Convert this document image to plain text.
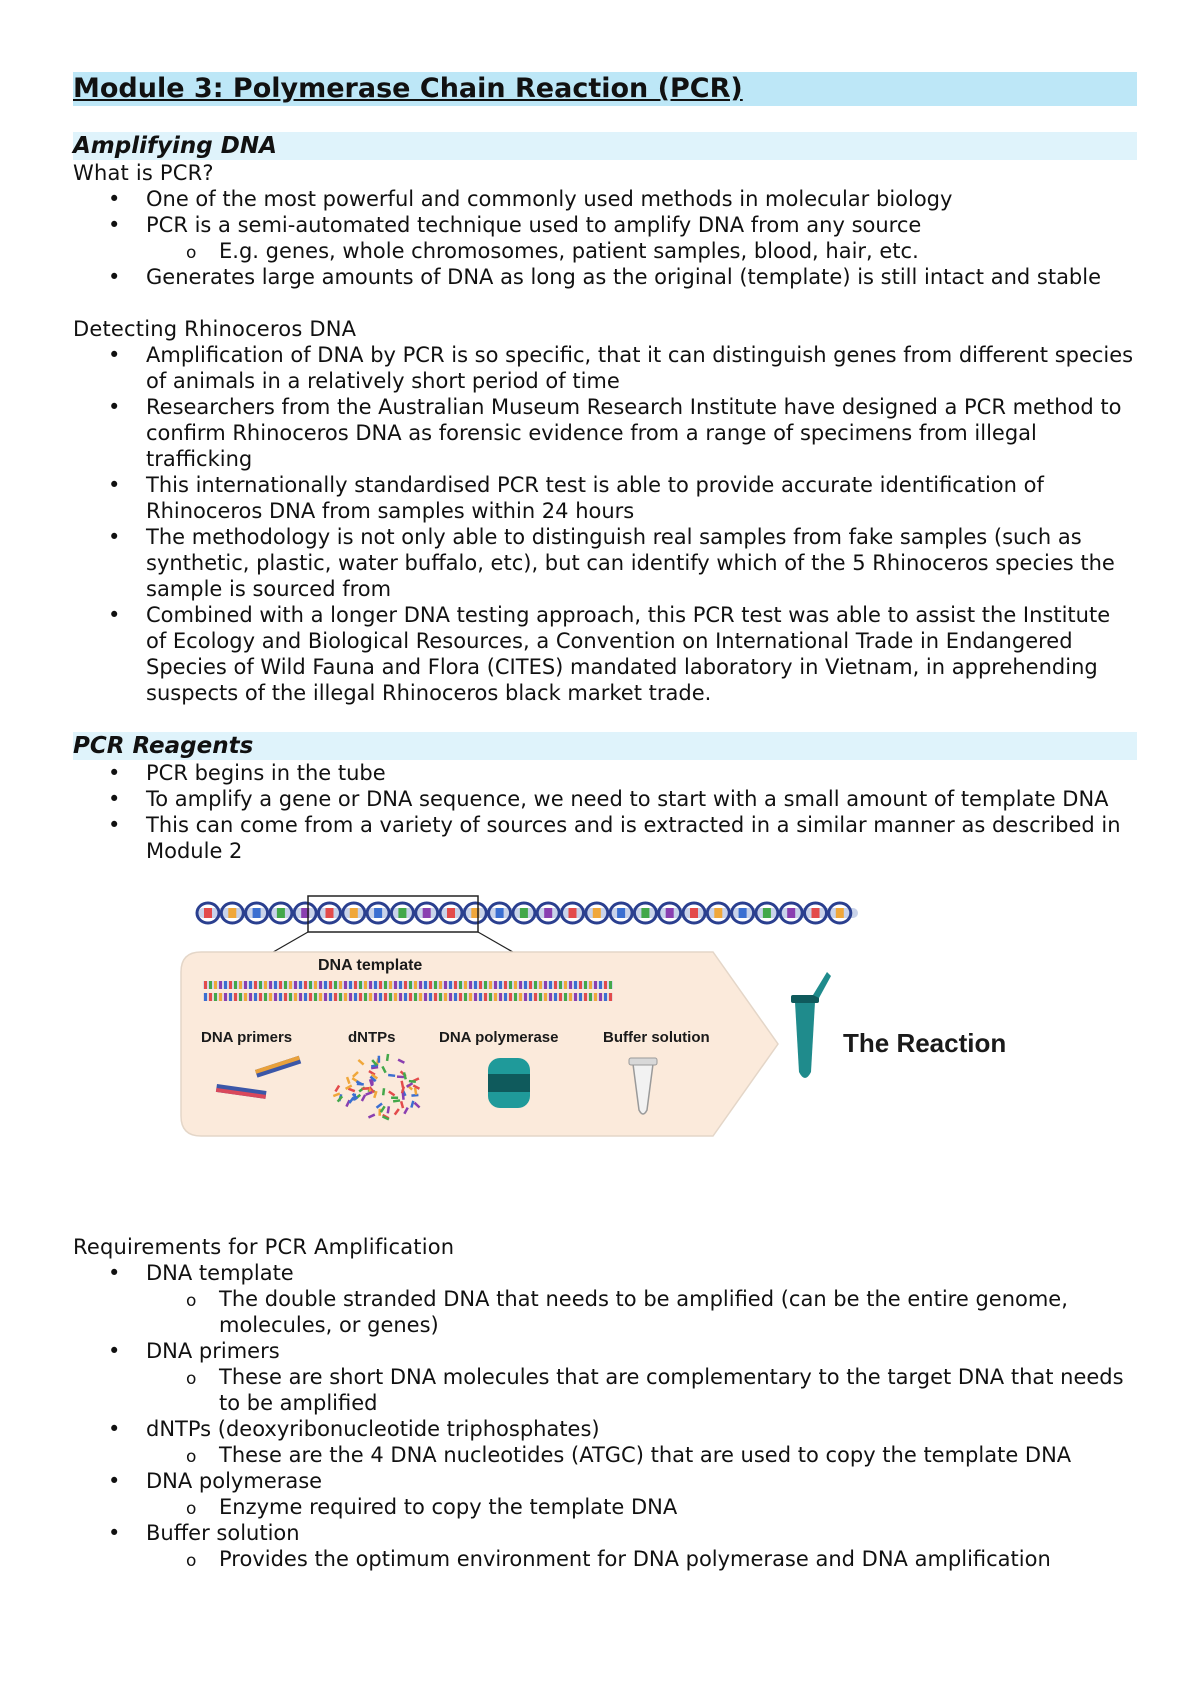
Module 3: Polymerase Chain Reaction (PCR)
Amplifying DNA
What is PCR?
• One of the most powerful and commonly used methods in molecular biology
• PCR is a semi-automated technique used to amplify DNA from any source
o E.g. genes, whole chromosomes, patient samples, blood, hair, etc.
• Generates large amounts of DNA as long as the original (template) is still intact and stable
Detecting Rhinoceros DNA
• Amplification of DNA by PCR is so specific, that it can distinguish genes from different species of animals in a relatively short period of time
• Researchers from the Australian Museum Research Institute have designed a PCR method to confirm Rhinoceros DNA as forensic evidence from a range of specimens from illegal trafficking
• This internationally standardised PCR test is able to provide accurate identification of Rhinoceros DNA from samples within 24 hours
• The methodology is not only able to distinguish real samples from fake samples (such as synthetic, plastic, water buffalo, etc), but can identify which of the 5 Rhinoceros species the sample is sourced from
• Combined with a longer DNA testing approach, this PCR test was able to assist the Institute of Ecology and Biological Resources, a Convention on International Trade in Endangered Species of Wild Fauna and Flora (CITES) mandated laboratory in Vietnam, in apprehending suspects of the illegal Rhinoceros black market trade.
PCR Reagents
• PCR begins in the tube
• To amplify a gene or DNA sequence, we need to start with a small amount of template DNA
• This can come from a variety of sources and is extracted in a similar manner as described in Module 2
DNA template
DNA primers	dNTPs	DNA polymerase	Buffer solution	The Reaction
Requirements for PCR Amplification
• DNA template
o The double stranded DNA that needs to be amplified (can be the entire genome, molecules, or genes)
• DNA primers
o These are short DNA molecules that are complementary to the target DNA that needs to be amplified
• dNTPs (deoxyribonucleotide triphosphates)
o These are the 4 DNA nucleotides (ATGC) that are used to copy the template DNA
• DNA polymerase
o Enzyme required to copy the template DNA
• Buffer solution
o Provides the optimum environment for DNA polymerase and DNA amplification
